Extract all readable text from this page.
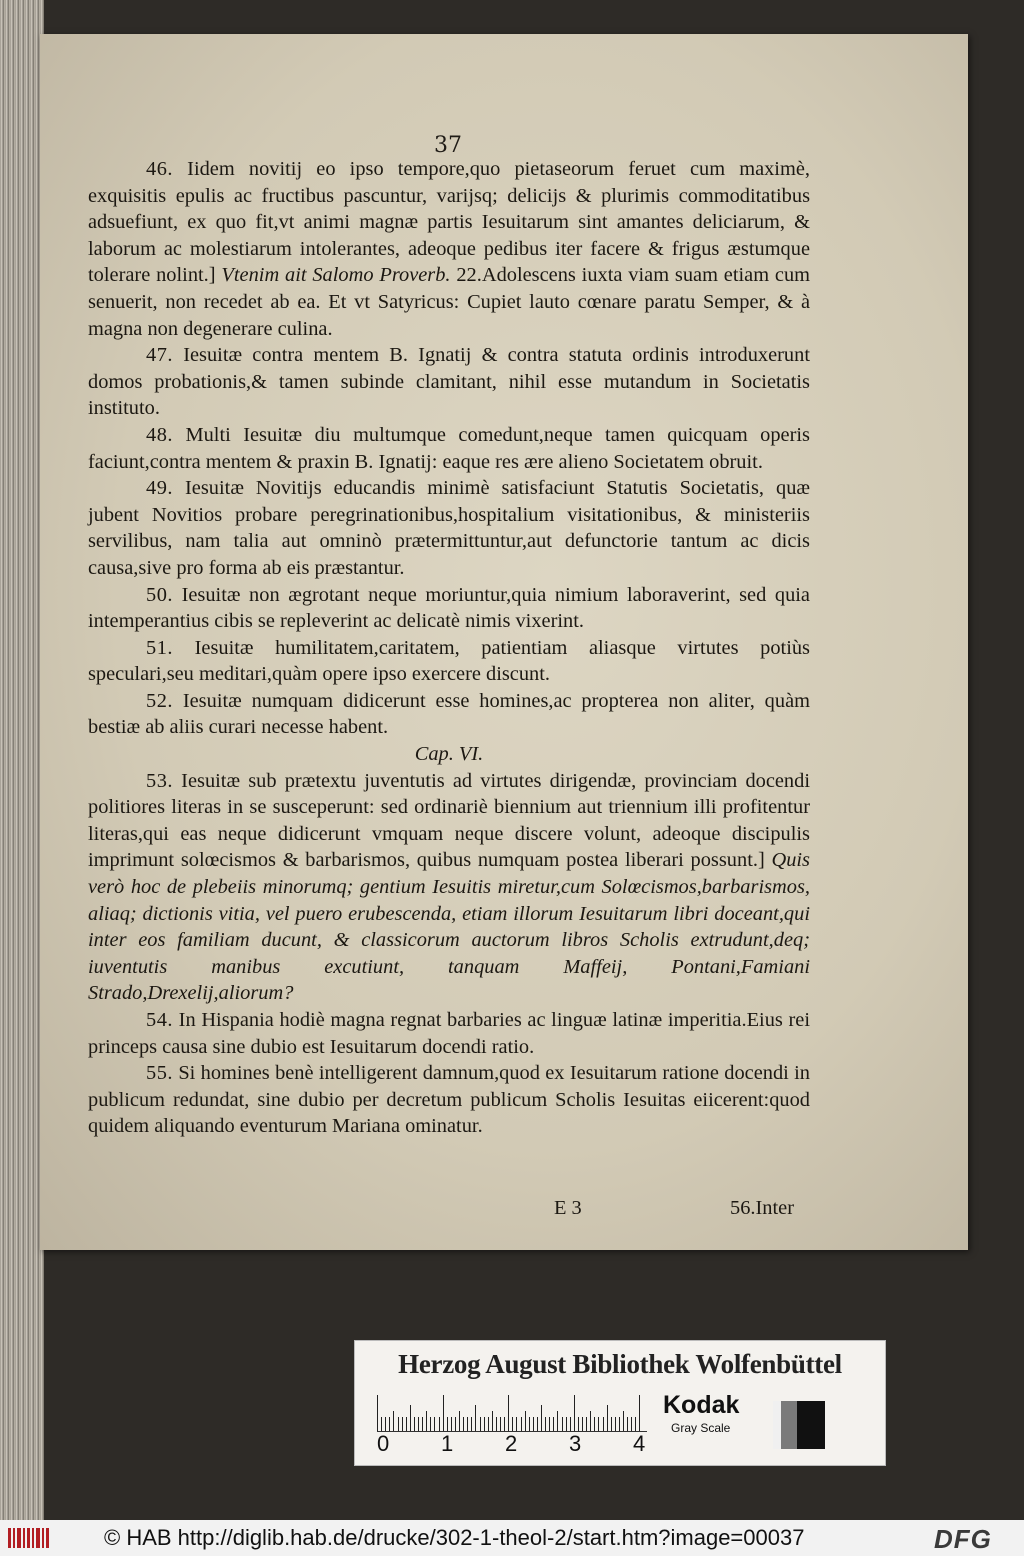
37

46. Iidem novitij eo ipso tempore,quo pietaseorum feruet cum maximè, exquisitis epulis ac fructibus pascuntur, varijsq; delicijs & plurimis commoditatibus adsuefiunt, ex quo fit,vt animi magnæ partis Iesuitarum sint amantes deliciarum, & laborum ac molestiarum intolerantes, adeoque pedibus iter facere & frigus æstumque tolerare nolint.] Vtenim ait Salomo Proverb. 22.Adolescens iuxta viam suam etiam cum senuerit, non recedet ab ea. Et vt Satyricus: Cupiet lauto cœnare paratu Semper, & à magna non degenerare culina.

47. Iesuitæ contra mentem B. Ignatij & contra statuta ordinis introduxerunt domos probationis,& tamen subinde clamitant, nihil esse mutandum in Societatis instituto.

48. Multi Iesuitæ diu multumque comedunt,neque tamen quicquam operis faciunt,contra mentem & praxin B. Ignatij: eaque res ære alieno Societatem obruit.

49. Iesuitæ Novitijs educandis minimè satisfaciunt Statutis Societatis, quæ jubent Novitios probare peregrinationibus,hospitalium visitationibus, & ministeriis servilibus, nam talia aut omninò prætermittuntur,aut defunctorie tantum ac dicis causa,sive pro forma ab eis præstantur.

50. Iesuitæ non ægrotant neque moriuntur,quia nimium laboraverint, sed quia intemperantius cibis se repleverint ac delicatè nimis vixerint.

51. Iesuitæ humilitatem,caritatem, patientiam aliasque virtutes potiùs speculari,seu meditari,quàm opere ipso exercere discunt.

52. Iesuitæ numquam didicerunt esse homines,ac propterea non aliter, quàm bestiæ ab aliis curari necesse habent.

Cap. VI.

53. Iesuitæ sub prætextu juventutis ad virtutes dirigendæ, provinciam docendi politiores literas in se susceperunt: sed ordinariè biennium aut triennium illi profitentur literas,qui eas neque didicerunt vmquam neque discere volunt, adeoque discipulis imprimunt solœcismos & barbarismos, quibus numquam postea liberari possunt.] Quis verò hoc de plebeiis minorumq; gentium Iesuitis miretur,cum Solœcismos,barbarismos, aliaq; dictionis vitia, vel puero erubescenda, etiam illorum Iesuitarum libri doceant,qui inter eos familiam ducunt, & classicorum auctorum libros Scholis extrudunt,deq; iuventutis manibus excutiunt, tanquam Maffeij, Pontani,Famiani Strado,Drexelij,aliorum?

54. In Hispania hodiè magna regnat barbaries ac linguæ latinæ imperitia.Eius rei princeps causa sine dubio est Iesuitarum docendi ratio.

55. Si homines benè intelligerent damnum,quod ex Iesuitarum ratione docendi in publicum redundat, sine dubio per decretum publicum Scholis Iesuitas eiicerent:quod quidem aliquando eventurum Mariana ominatur.

E 3	56.Inter
Herzog August Bibliothek Wolfenbüttel
0 1 2 3 4
Kodak
Gray Scale
© HAB http://diglib.hab.de/drucke/302-1-theol-2/start.htm?image=00037	DFG
